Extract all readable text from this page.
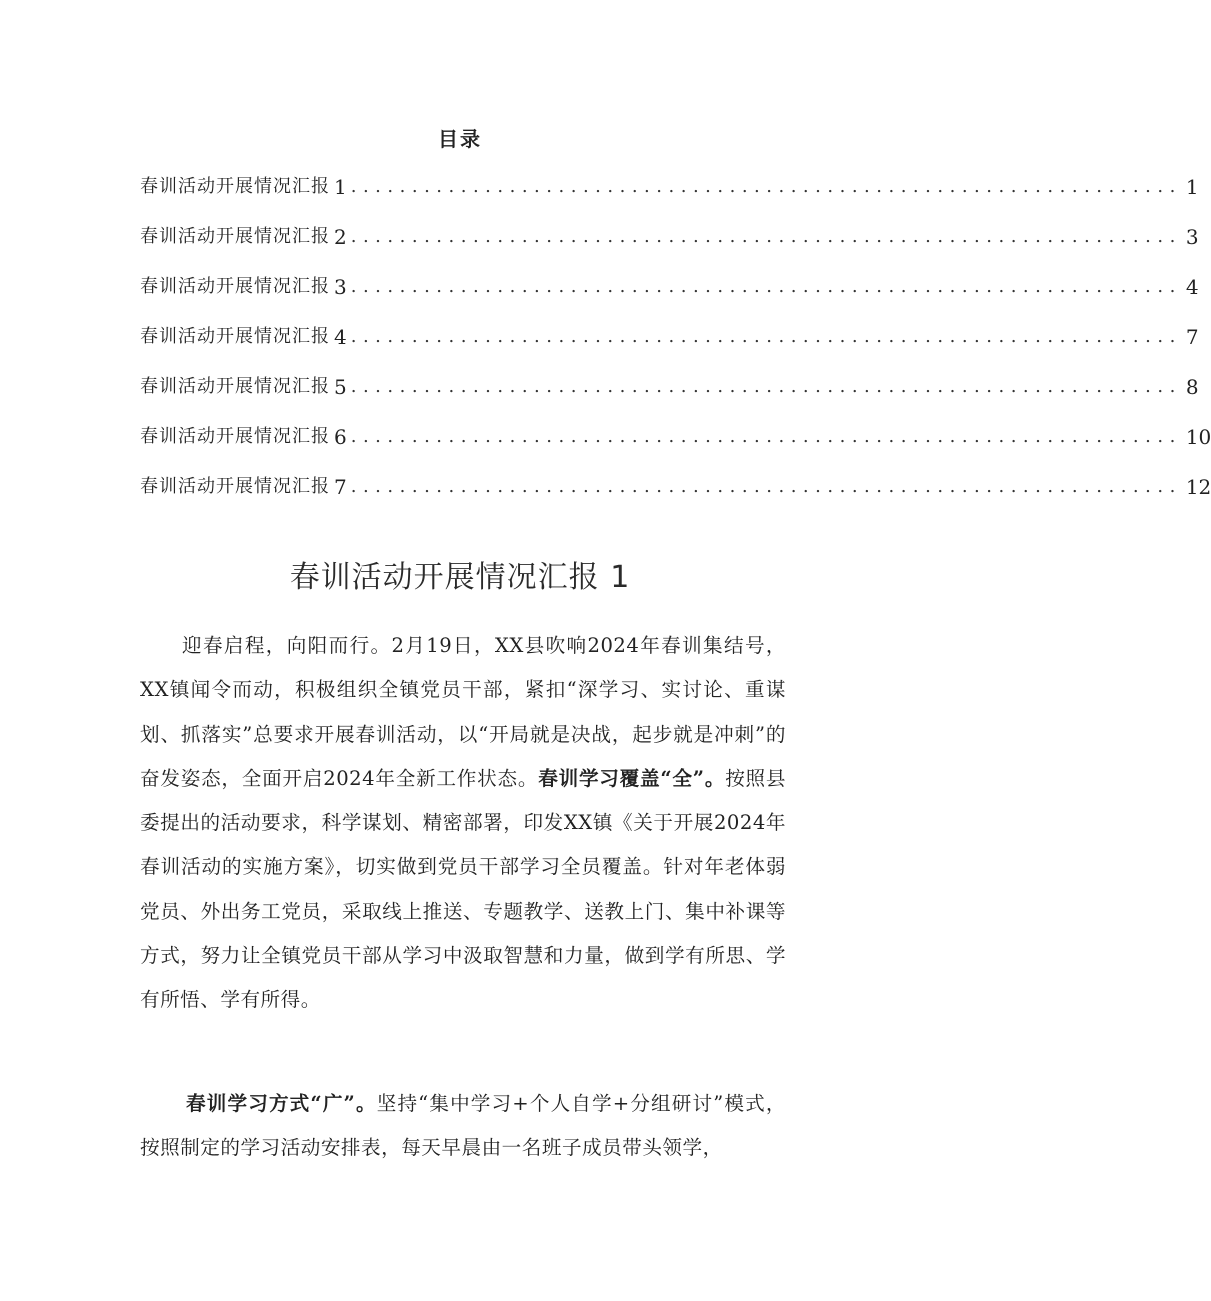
目录
春训活动开展情况汇报 1 .................................................................... 1
春训活动开展情况汇报 2 .................................................................... 3
春训活动开展情况汇报 3 .................................................................... 4
春训活动开展情况汇报 4 .................................................................... 7
春训活动开展情况汇报 5 .................................................................... 8
春训活动开展情况汇报 6 .................................................................... 10
春训活动开展情况汇报 7 .................................................................... 12
春训活动开展情况汇报 1

迎春启程，向阳而行。2月19日，XX县吹响2024年春训集结号，XX镇闻令而动，积极组织全镇党员干部，紧扣“深学习、实讨论、重谋划、抓落实”总要求开展春训活动，以“开局就是决战，起步就是冲刺”的奋发姿态，全面开启2024年全新工作状态。春训学习覆盖“全”。按照县委提出的活动要求，科学谋划、精密部署，印发XX镇《关于开展2024年春训活动的实施方案》，切实做到党员干部学习全员覆盖。针对年老体弱党员、外出务工党员，采取线上推送、专题教学、送教上门、集中补课等方式，努力让全镇党员干部从学习中汲取智慧和力量，做到学有所思、学有所悟、学有所得。

春训学习方式“广”。坚持“集中学习+个人自学+分组研讨”模式，按照制定的学习活动安排表，每天早晨由一名班子成员带头领学，
